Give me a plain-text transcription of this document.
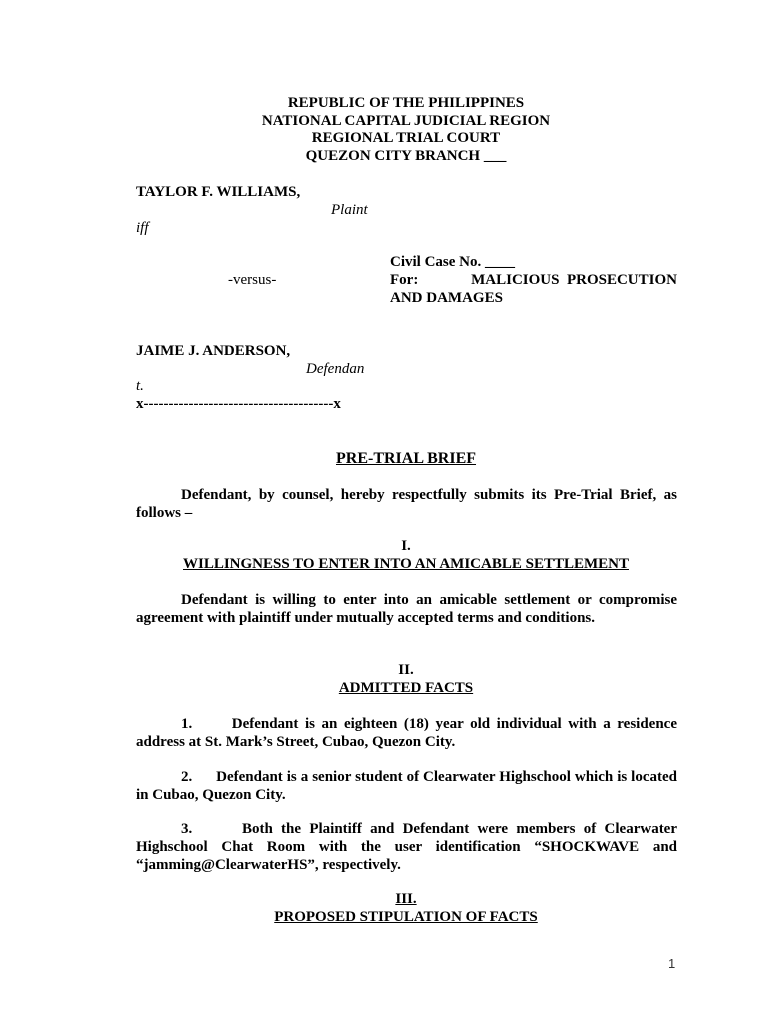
REPUBLIC OF THE PHILIPPINES
NATIONAL CAPITAL JUDICIAL REGION
REGIONAL TRIAL COURT
QUEZON CITY BRANCH ___
TAYLOR F. WILLIAMS,
Plaint
iff
Civil Case No. ____
-versus-	For:	MALICIOUS  PROSECUTION
AND DAMAGES
JAIME J. ANDERSON,
Defendan
t.
x--------------------------------------x
PRE-TRIAL BRIEF

Defendant, by counsel, hereby respectfully submits its Pre-Trial Brief, as follows –

I.
WILLINGNESS TO ENTER INTO AN AMICABLE SETTLEMENT

Defendant is willing to enter into an amicable settlement or compromise agreement with plaintiff under mutually accepted terms and conditions.

II.
ADMITTED FACTS

1.      Defendant is an eighteen (18) year old individual with a residence address at St. Mark’s Street, Cubao, Quezon City.

2.      Defendant is a senior student of Clearwater Highschool which is located in Cubao, Quezon City.

3.      Both the Plaintiff and Defendant were members of Clearwater Highschool Chat Room with the user identification “SHOCKWAVE and “jamming@ClearwaterHS”, respectively.

III.
PROPOSED STIPULATION OF FACTS
1
